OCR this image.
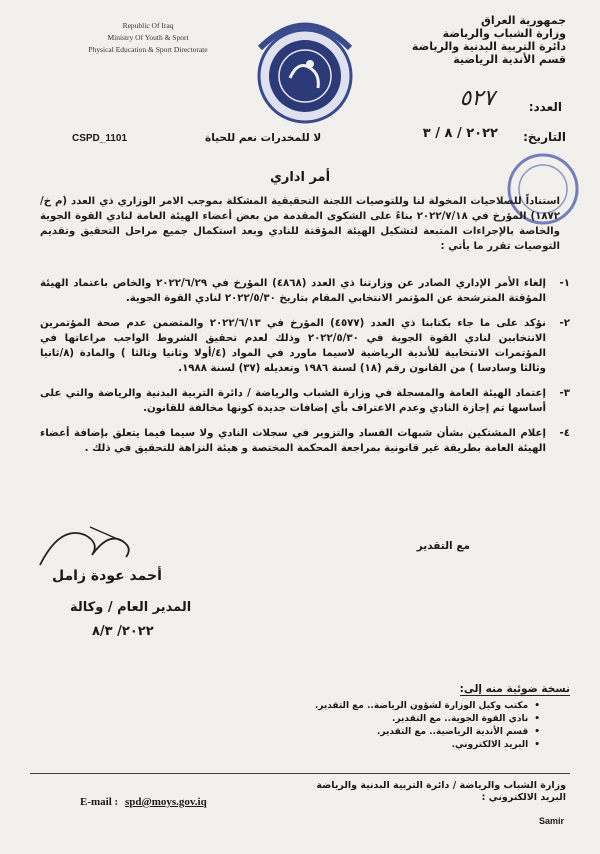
Republic Of Iraq
Ministry Of Youth & Sport
Physical Education & Sport Directorate
جمهورية العراق
وزارة الشباب والرياضة
دائرة التربية البدنية والرياضة
قسم الأندية الرياضية
٥٢٧	العدد:
٢٠٢٢ / ٨ / ٣ التاريخ:
لا للمخدرات نعم للحياة
CSPD_1101
أمر اداري
استناداً للصلاحيات المخولة لنا وللتوصيات اللجنة التحقيقية المشكلة بموجب الامر الوزاري ذي العدد (م خ/١٨٧٢) المؤرخ في ٢٠٢٢/٧/١٨ بناءً على الشكوى المقدمة من بعض أعضاء الهيئة العامة لنادي القوة الجوية والخاصة بالإجراءات المتبعة لتشكيل الهيئة المؤقتة للنادي وبعد استكمال جميع مراحل التحقيق وتقديم التوصيات تقرر ما يأتي :
١-
إلغاء الأمر الإداري الصادر عن وزارتنا ذي العدد (٤٨٦٨) المؤرخ في ٢٠٢٢/٦/٢٩ والخاص باعتماد الهيئة المؤقتة المترشحة عن المؤتمر الانتخابي المقام بتاريخ ٢٠٢٢/٥/٣٠ لنادي القوة الجوية.
٢-
نؤكد على ما جاء بكتابنا ذي العدد (٤٥٧٧) المؤرخ في ٢٠٢٢/٦/١٣ والمتضمن عدم صحة المؤتمرين الانتخابين لنادي القوة الجوية في ٢٠٢٢/٥/٣٠ وذلك لعدم تحقيق الشروط الواجب مراعاتها في المؤتمرات الانتخابية للأندية الرياضية لاسيما ماورد في المواد (٤/أولا وثانيا وثالثا ) والمادة (٨/ثانيا وثالثا وسادسا ) من القانون رقم (١٨) لسنة ١٩٨٦ وتعديله (٣٧) لسنة ١٩٨٨.
٣-
إعتماد الهيئة العامة والمسجلة في وزارة الشباب والرياضة / دائرة التربية البدنية والرياضة والتي على أساسها تم إجازة النادي وعدم الاعتراف بأي إضافات جديدة كونها مخالفة للقانون.
٤-
إعلام المشتكين بشأن شبهات الفساد والتزوير في سجلات النادي ولا سيما فيما يتعلق بإضافة أعضاء الهيئة العامة بطريقة غير قانونية بمراجعة المحكمة المختصة و هيئة النزاهة للتحقيق في ذلك .
مع التقدير
أحمد عودة زامل
المدير العام / وكالة
٢٠٢٢/ ٨/٣
نسخة ضوئية منه إلى:
• مكتب وكيل الوزارة لشؤون الرياضة.. مع التقدير.
• نادي القوة الجوية.. مع التقدير.
• قسم الأندية الرياضية.. مع التقدير.
• البريد الالكتروني.
وزارة الشباب والرياضة / دائرة التربية البدنية والرياضة
البريد الالكتروني :
E-mail : spd@moys.gov.iq
Samir
